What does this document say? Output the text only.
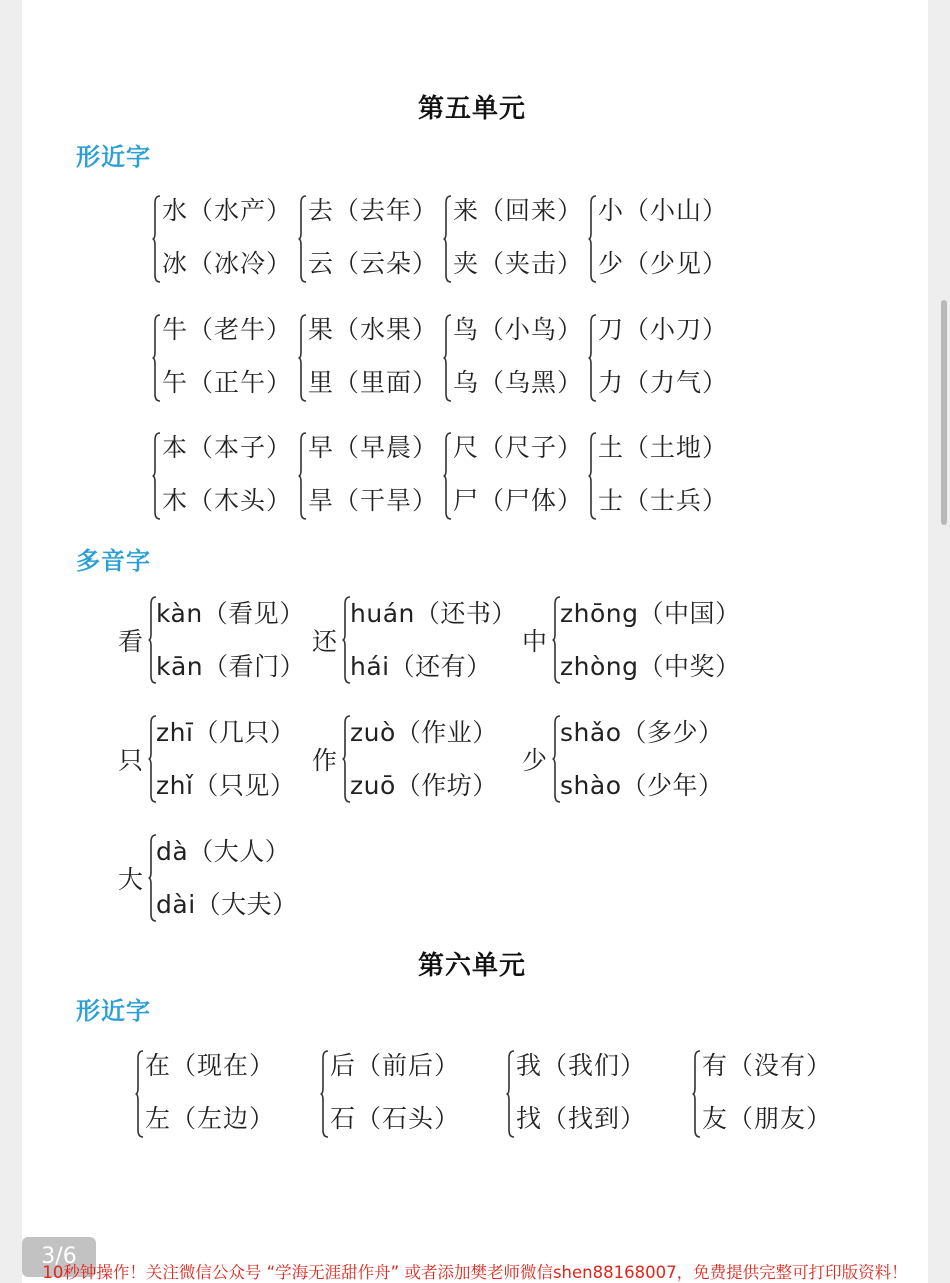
第五单元
形近字
水（水产）
冰（冰冷）
去（去年）
云（云朵）
来（回来）
夹（夹击）
小（小山）
少（少见）
牛（老牛）
午（正午）
果（水果）
里（里面）
鸟（小鸟）
乌（乌黑）
刀（小刀）
力（力气）
本（本子）
木（木头）
早（早晨）
旱（干旱）
尺（尺子）
尸（尸体）
土（土地）
士（士兵）
多音字
看
kàn（看见）
kān（看门）
还
huán（还书）
hái（还有）
中
zhōng（中国）
zhòng（中奖）
只
zhī（几只）
zhǐ（只见）
作
zuò（作业）
zuō（作坊）
少
shǎo（多少）
shào（少年）
大
dà（大人）
dài（大夫）
第六单元
形近字
在（现在）
左（左边）
后（前后）
石（石头）
我（我们）
找（找到）
有（没有）
友（朋友）
3/6
10秒钟操作！关注微信公众号 “学海无涯甜作舟” 或者添加樊老师微信shen88168007，免费提供完整可打印版资料！
